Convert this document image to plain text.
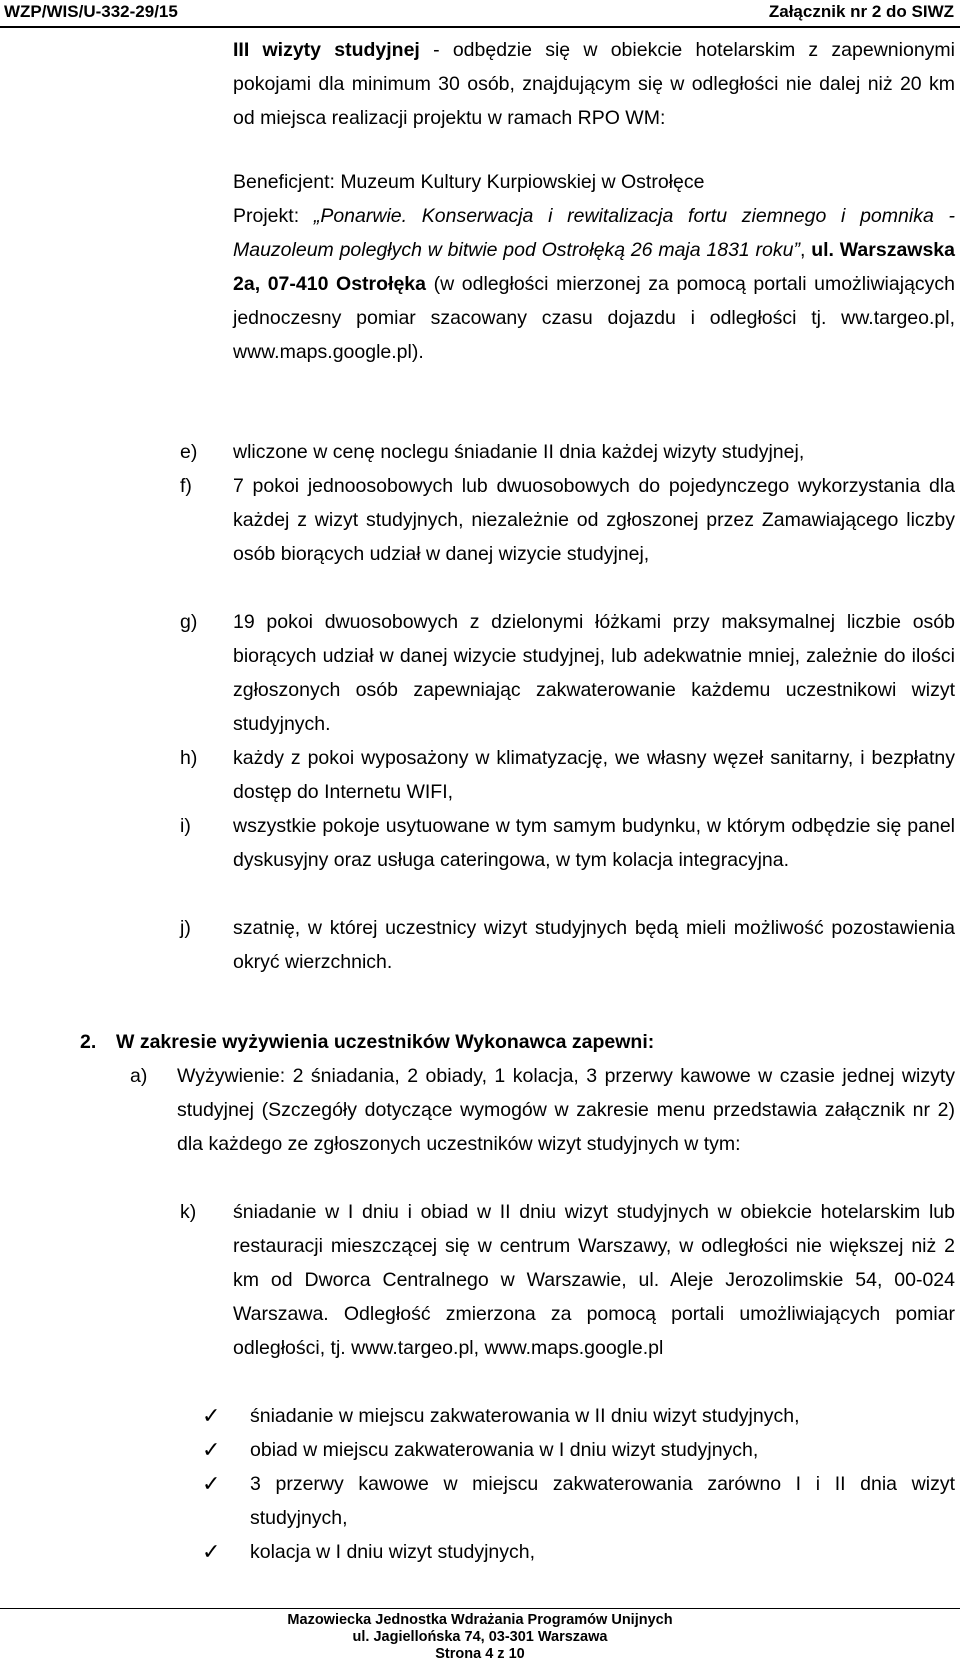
WZP/WIS/U-332-29/15	Załącznik nr 2 do SIWZ
III wizyty studyjnej - odbędzie się w obiekcie hotelarskim z zapewnionymi pokojami dla minimum 30 osób, znajdującym się w odległości nie dalej niż 20 km od miejsca realizacji projektu w ramach RPO WM:
Beneficjent: Muzeum Kultury Kurpiowskiej w Ostrołęce
Projekt: „Ponarwie. Konserwacja i rewitalizacja fortu ziemnego i pomnika - Mauzoleum poległych w bitwie pod Ostrołęką 26 maja 1831 roku”, ul. Warszawska 2a, 07-410 Ostrołęka (w odległości mierzonej za pomocą portali umożliwiających jednoczesny pomiar szacowany czasu dojazdu i odległości tj. ww.targeo.pl, www.maps.google.pl).
e) wliczone w cenę noclegu śniadanie II dnia każdej wizyty studyjnej,
f) 7 pokoi jednoosobowych lub dwuosobowych do pojedynczego wykorzystania dla każdej z wizyt studyjnych, niezależnie od zgłoszonej przez Zamawiającego liczby osób biorących udział w danej wizycie studyjnej,
g) 19 pokoi dwuosobowych z dzielonymi łóżkami przy maksymalnej liczbie osób biorących udział w danej wizycie studyjnej, lub adekwatnie mniej, zależnie do ilości zgłoszonych osób zapewniając zakwaterowanie każdemu uczestnikowi wizyt studyjnych.
h) każdy z pokoi wyposażony w klimatyzację, we własny węzeł sanitarny, i bezpłatny dostęp do Internetu WIFI,
i) wszystkie pokoje usytuowane w tym samym budynku, w którym odbędzie się panel dyskusyjny oraz usługa cateringowa, w tym kolacja integracyjna.
j) szatnię, w której uczestnicy wizyt studyjnych będą mieli możliwość pozostawienia okryć wierzchnich.
2. W zakresie wyżywienia uczestników Wykonawca zapewni:
a) Wyżywienie: 2 śniadania, 2 obiady, 1 kolacja, 3 przerwy kawowe w czasie jednej wizyty studyjnej (Szczegóły dotyczące wymogów w zakresie menu przedstawia załącznik nr 2) dla każdego ze zgłoszonych uczestników wizyt studyjnych w tym:
k) śniadanie w I dniu i obiad w II dniu wizyt studyjnych w obiekcie hotelarskim lub restauracji mieszczącej się w centrum Warszawy, w odległości nie większej niż 2 km od Dworca Centralnego w Warszawie, ul. Aleje Jerozolimskie 54, 00-024 Warszawa. Odległość zmierzona za pomocą portali umożliwiających pomiar odległości, tj. www.targeo.pl, www.maps.google.pl
✓ śniadanie w miejscu zakwaterowania w II dniu wizyt studyjnych,
✓ obiad w miejscu zakwaterowania w I dniu wizyt studyjnych,
✓ 3 przerwy kawowe w miejscu zakwaterowania zarówno I i II dnia wizyt studyjnych,
✓ kolacja w I dniu wizyt studyjnych,
Mazowiecka Jednostka Wdrażania Programów Unijnych
ul. Jagiellońska 74, 03-301 Warszawa
Strona 4 z 10
